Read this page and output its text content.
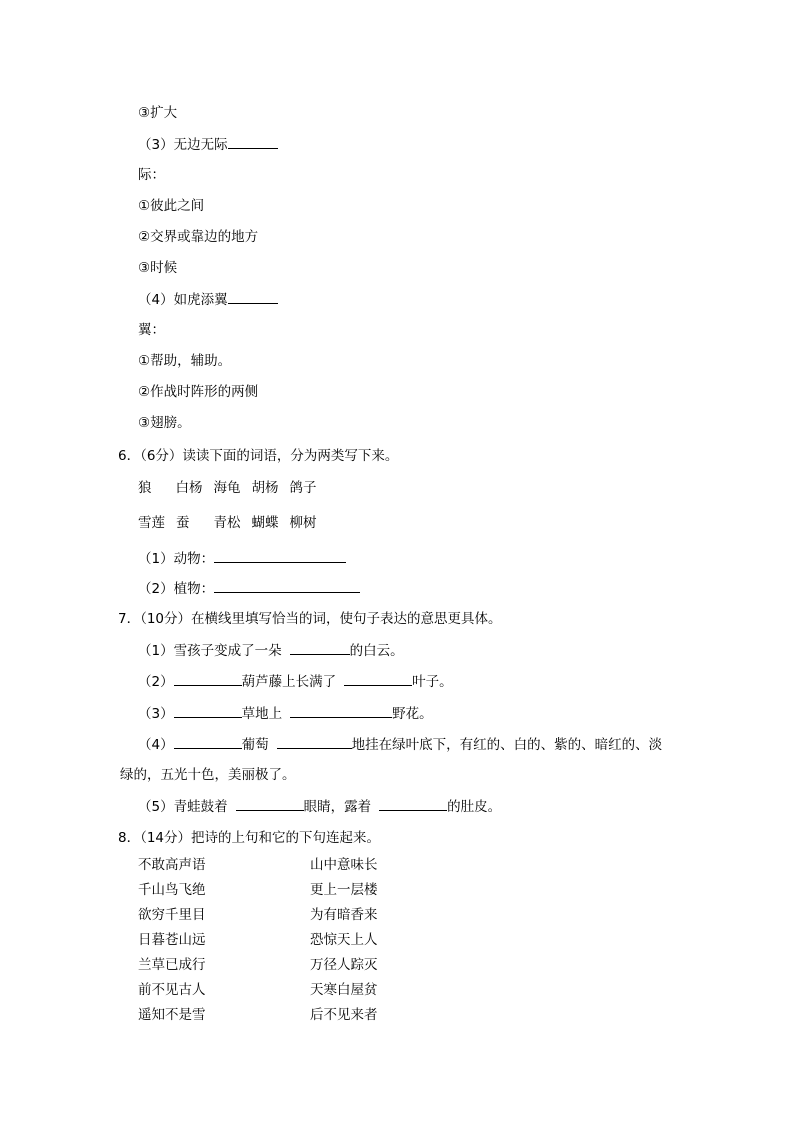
③扩大
（3）无边无际
际：
①彼此之间
②交界或靠边的地方
③时候
（4）如虎添翼
翼：
①帮助，辅助。
②作战时阵形的两侧
③翅膀。
6．（6分）读读下面的词语，分为两类写下来。
狼 白杨 海龟 胡杨 鸽子
雪莲 蚕 青松 蝴蝶 柳树
（1）动物：
（2）植物：
7．（10分）在横线里填写恰当的词，使句子表达的意思更具体。
（1）雪孩子变成了一朵	的白云。
（2）	葫芦藤上长满了	叶子。
（3）	草地上	野花。
（4）	葡萄	地挂在绿叶底下，有红的、白的、紫的、暗红的、淡
绿的，五光十色，美丽极了。
（5）青蛙鼓着	眼睛，露着	的肚皮。
8．（14分）把诗的上句和它的下句连起来。
不敢高声语	山中意味长
千山鸟飞绝	更上一层楼
欲穷千里目	为有暗香来
日暮苍山远	恐惊天上人
兰草已成行	万径人踪灭
前不见古人	天寒白屋贫
遥知不是雪	后不见来者
